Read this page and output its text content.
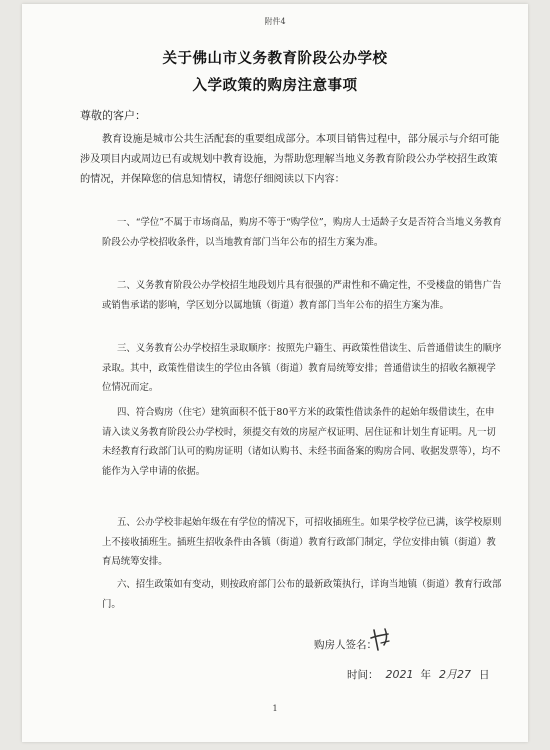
附件4
关于佛山市义务教育阶段公办学校
入学政策的购房注意事项
尊敬的客户：
教育设施是城市公共生活配套的重要组成部分。本项目销售过程中，部分展示与介绍可能涉及项目内或周边已有或规划中教育设施，为帮助您理解当地义务教育阶段公办学校招生政策的情况，并保障您的信息知情权，请您仔细阅读以下内容：
一、“学位”不属于市场商品，购房不等于“购学位”，购房人士适龄子女是否符合当地义务教育阶段公办学校招收条件，以当地教育部门当年公布的招生方案为准。
二、义务教育阶段公办学校招生地段划片具有很强的严肃性和不确定性，不受楼盘的销售广告或销售承诺的影响，学区划分以属地镇（街道）教育部门当年公布的招生方案为准。
三、义务教育公办学校招生录取顺序：按照先户籍生、再政策性借读生、后普通借读生的顺序录取。其中，政策性借读生的学位由各镇（街道）教育局统筹安排；普通借读生的招收名额视学位情况而定。
四、符合购房（住宅）建筑面积不低于80平方米的政策性借读条件的起始年级借读生，在申请入读义务教育阶段公办学校时，须提交有效的房屋产权证明、居住证和计划生育证明。凡一切未经教育行政部门认可的购房证明（诸如认购书、未经书面备案的购房合同、收据发票等），均不能作为入学申请的依据。
五、公办学校非起始年级在有学位的情况下，可招收插班生。如果学校学位已满，该学校原则上不接收插班生。插班生招收条件由各镇（街道）教育行政部门制定，学位安排由镇（街道）教育局统筹安排。
六、招生政策如有变动，则按政府部门公布的最新政策执行，详询当地镇（街道）教育行政部门。
购房人签名：
时间： 2021 年 2月27 日
1
